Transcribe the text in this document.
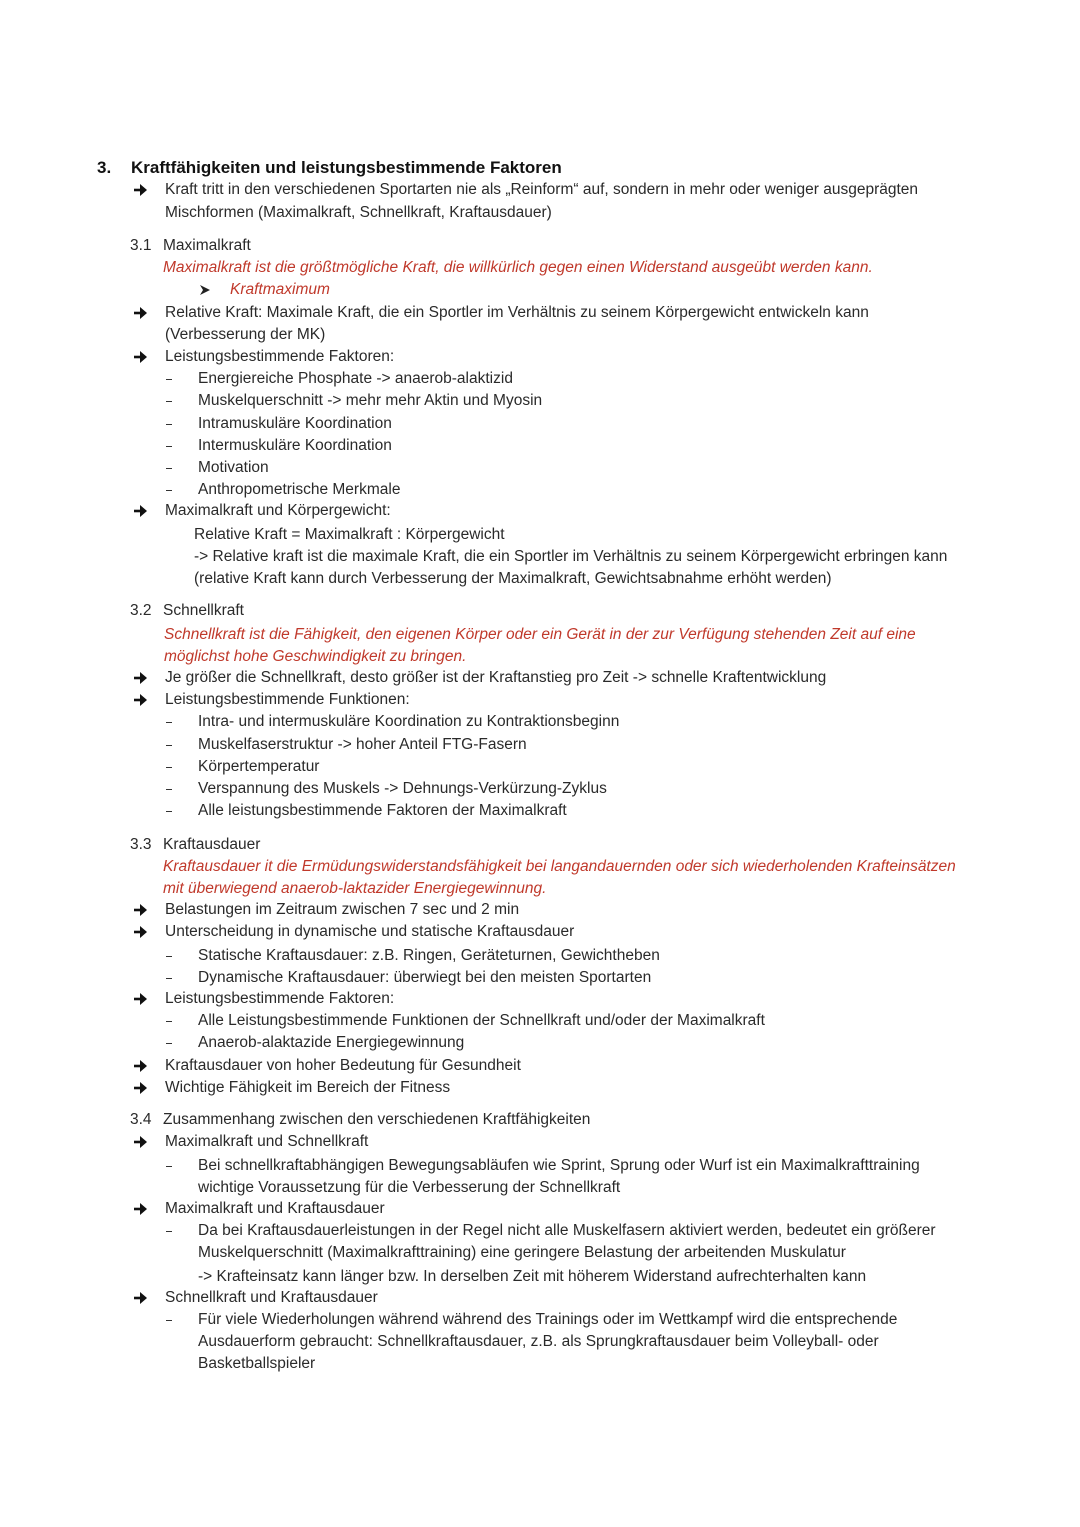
3. Kraftfähigkeiten und leistungsbestimmende Faktoren
Kraft tritt in den verschiedenen Sportarten nie als „Reinform“ auf, sondern in mehr oder weniger ausgeprägten
Mischformen (Maximalkraft, Schnellkraft, Kraftausdauer)
3.1 Maximalkraft
Maximalkraft ist die größtmögliche Kraft, die willkürlich gegen einen Widerstand ausgeübt werden kann.
Kraftmaximum
Relative Kraft: Maximale Kraft, die ein Sportler im Verhältnis zu seinem Körpergewicht entwickeln kann
(Verbesserung der MK)
Leistungsbestimmende Faktoren:
Energiereiche Phosphate -> anaerob-alaktizid
Muskelquerschnitt -> mehr mehr Aktin und Myosin
Intramuskuläre Koordination
Intermuskuläre Koordination
Motivation
Anthropometrische Merkmale
Maximalkraft und Körpergewicht:
Relative Kraft = Maximalkraft : Körpergewicht
-> Relative kraft ist die maximale Kraft, die ein Sportler im Verhältnis zu seinem Körpergewicht erbringen kann
(relative Kraft kann durch Verbesserung der Maximalkraft, Gewichtsabnahme erhöht werden)
3.2 Schnellkraft
Schnellkraft ist die Fähigkeit, den eigenen Körper oder ein Gerät in der zur Verfügung stehenden Zeit auf eine
möglichst hohe Geschwindigkeit zu bringen.
Je größer die Schnellkraft, desto größer ist der Kraftanstieg pro Zeit -> schnelle Kraftentwicklung
Leistungsbestimmende Funktionen:
Intra- und intermuskuläre Koordination zu Kontraktionsbeginn
Muskelfaserstruktur -> hoher Anteil FTG-Fasern
Körpertemperatur
Verspannung des Muskels -> Dehnungs-Verkürzung-Zyklus
Alle leistungsbestimmende Faktoren der Maximalkraft
3.3 Kraftausdauer
Kraftausdauer it die Ermüdungswiderstandsfähigkeit bei langandauernden oder sich wiederholenden Krafteinsätzen
mit überwiegend anaerob-laktazider Energiegewinnung.
Belastungen im Zeitraum zwischen 7 sec und 2 min
Unterscheidung in dynamische und statische Kraftausdauer
Statische Kraftausdauer: z.B. Ringen, Geräteturnen, Gewichtheben
Dynamische Kraftausdauer: überwiegt bei den meisten Sportarten
Leistungsbestimmende Faktoren:
Alle Leistungsbestimmende Funktionen der Schnellkraft und/oder der Maximalkraft
Anaerob-alaktazide Energiegewinnung
Kraftausdauer von hoher Bedeutung für Gesundheit
Wichtige Fähigkeit im Bereich der Fitness
3.4 Zusammenhang zwischen den verschiedenen Kraftfähigkeiten
Maximalkraft und Schnellkraft
Bei schnellkraftabhängigen Bewegungsabläufen wie Sprint, Sprung oder Wurf ist ein Maximalkrafttraining
wichtige Voraussetzung für die Verbesserung der Schnellkraft
Maximalkraft und Kraftausdauer
Da bei Kraftausdauerleistungen in der Regel nicht alle Muskelfasern aktiviert werden, bedeutet ein größerer
Muskelquerschnitt (Maximalkrafttraining) eine geringere Belastung der arbeitenden Muskulatur
-> Krafteinsatz kann länger bzw. In derselben Zeit mit höherem Widerstand aufrechterhalten kann
Schnellkraft und Kraftausdauer
Für viele Wiederholungen während während des Trainings oder im Wettkampf wird die entsprechende
Ausdauerform gebraucht: Schnellkraftausdauer, z.B. als Sprungkraftausdauer beim Volleyball- oder
Basketballspieler
